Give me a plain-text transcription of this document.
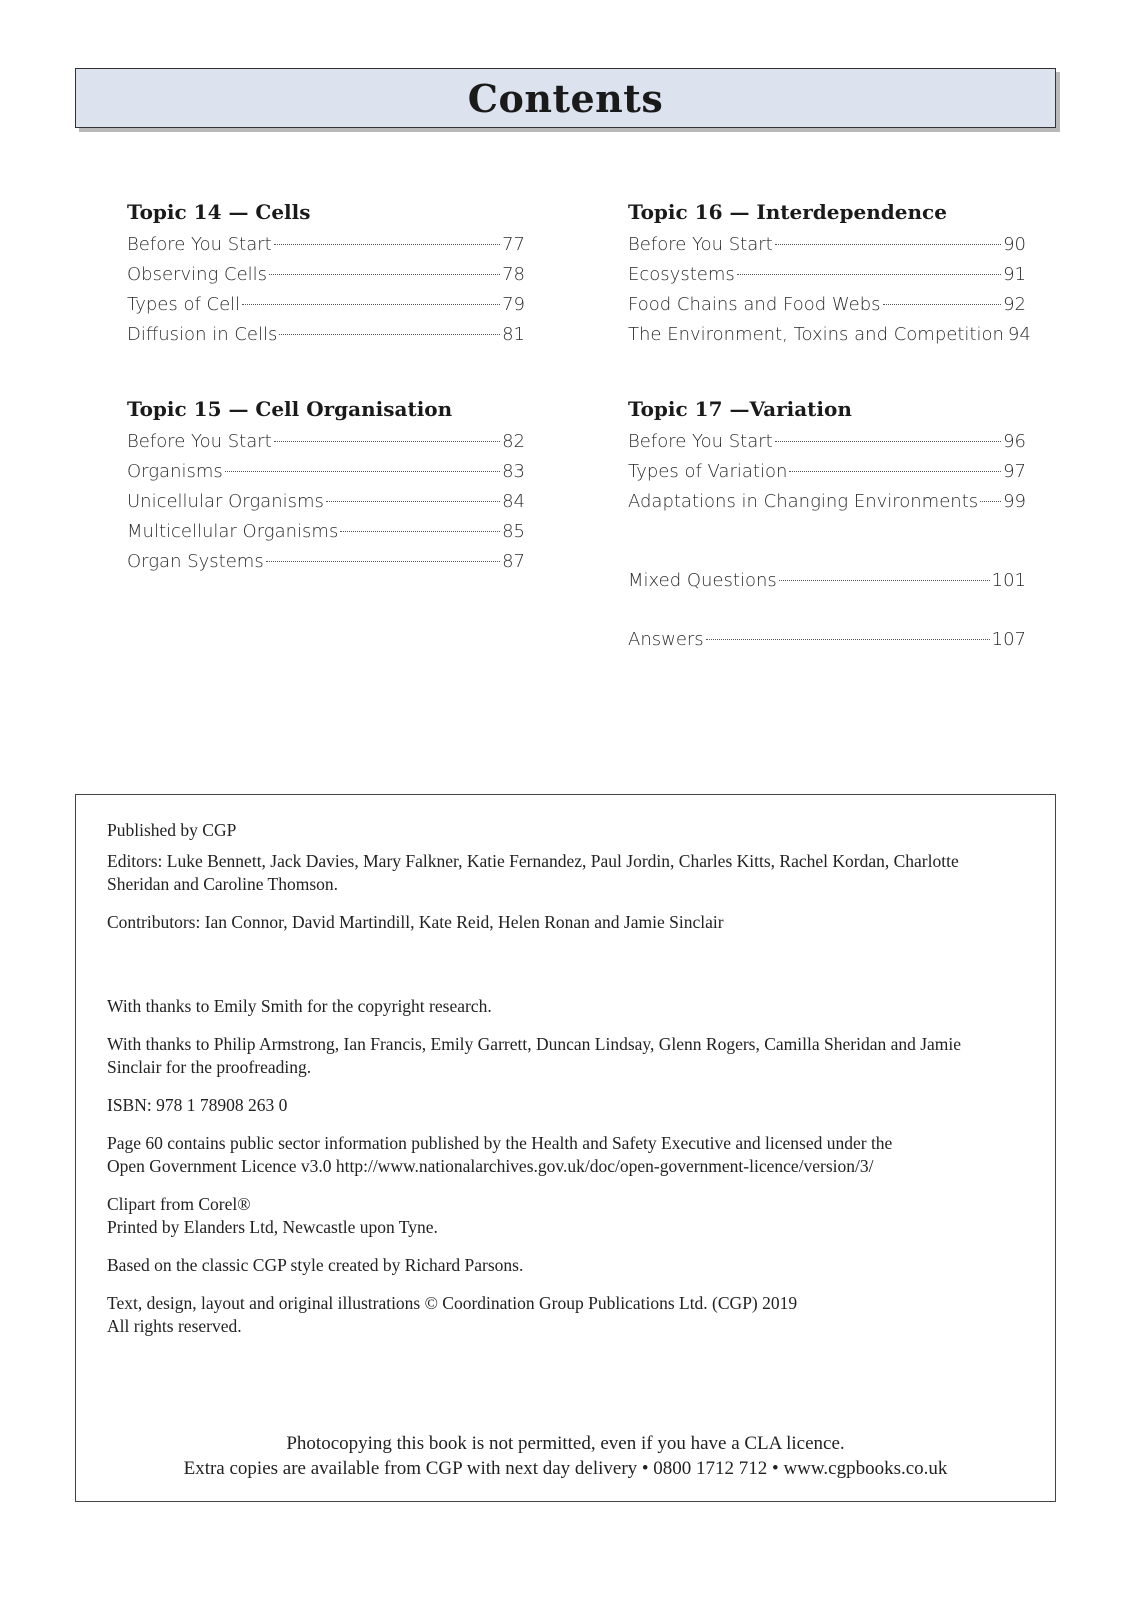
Contents
Topic 14 — Cells
Before You Start	77
Observing Cells	78
Types of Cell	79
Diffusion in Cells	81
Topic 15 — Cell Organisation
Before You Start	82
Organisms	83
Unicellular Organisms	84
Multicellular Organisms	85
Organ Systems	87
Topic 16 — Interdependence
Before You Start	90
Ecosystems	91
Food Chains and Food Webs	92
The Environment, Toxins and Competition 94
Topic 17 —Variation
Before You Start	96
Types of Variation	97
Adaptations in Changing Environments 99
Mixed Questions	101
Answers	107

Published by CGP

Editors: Luke Bennett, Jack Davies, Mary Falkner, Katie Fernandez, Paul Jordin, Charles Kitts, Rachel Kordan, Charlotte Sheridan and Caroline Thomson.

Contributors: Ian Connor, David Martindill, Kate Reid, Helen Ronan and Jamie Sinclair

With thanks to Emily Smith for the copyright research.

With thanks to Philip Armstrong, Ian Francis, Emily Garrett, Duncan Lindsay, Glenn Rogers, Camilla Sheridan and Jamie Sinclair for the proofreading.

ISBN: 978 1 78908 263 0

Page 60 contains public sector information published by the Health and Safety Executive and licensed under the

Open Government Licence v3.0 http://www.nationalarchives.gov.uk/doc/open-government-licence/version/3/

Clipart from Corel®

Printed by Elanders Ltd, Newcastle upon Tyne.

Based on the classic CGP style created by Richard Parsons.

Text, design, layout and original illustrations © Coordination Group Publications Ltd. (CGP) 2019

All rights reserved.

Photocopying this book is not permitted, even if you have a CLA licence.

Extra copies are available from CGP with next day delivery • 0800 1712 712 • www.cgpbooks.co.uk
